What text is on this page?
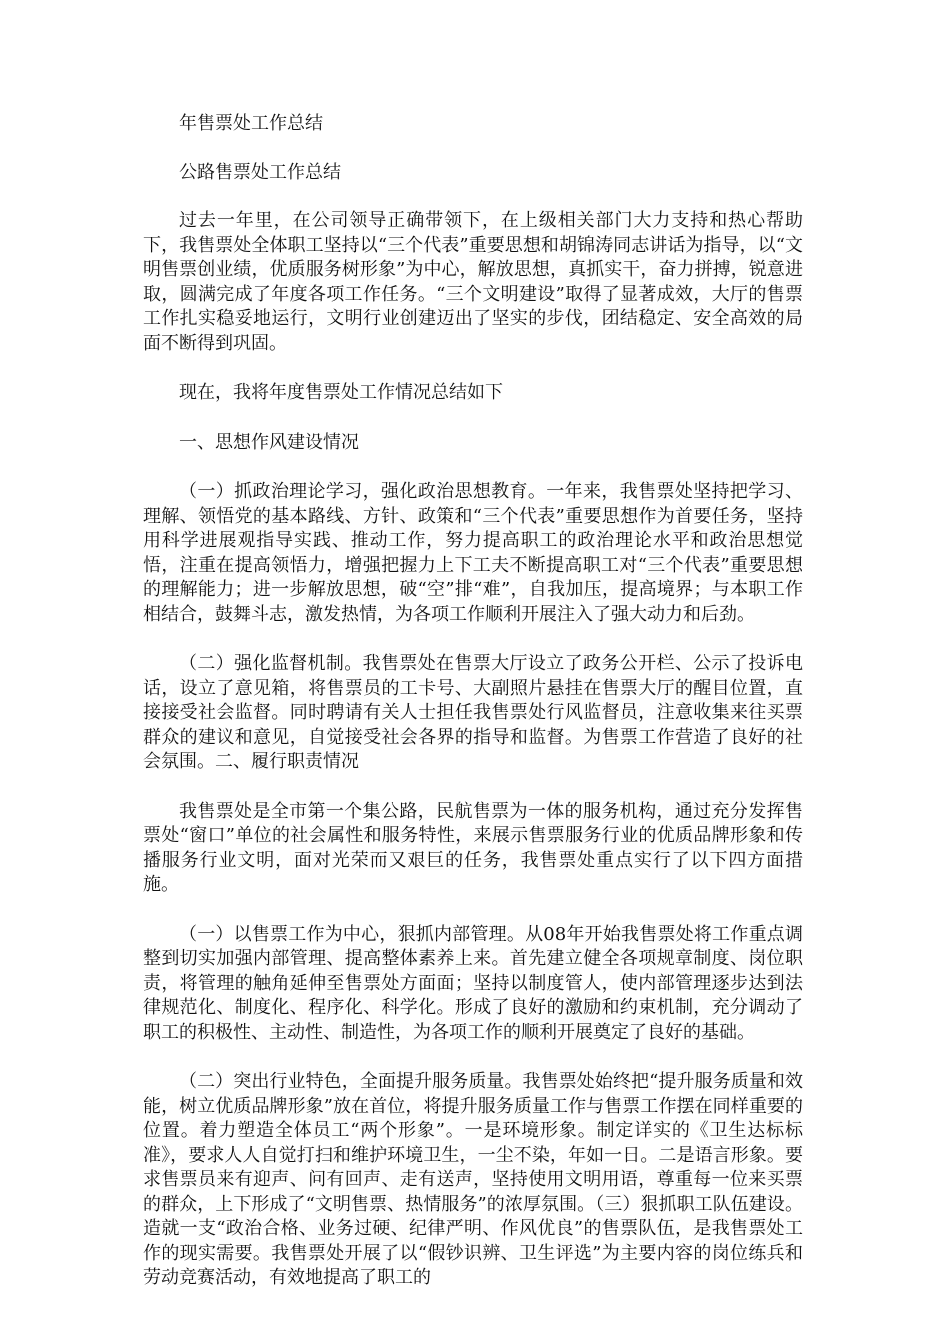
年售票处工作总结

公路售票处工作总结

过去一年里，在公司领导正确带领下，在上级相关部门大力支持和热心帮助下，我售票处全体职工坚持以“三个代表”重要思想和胡锦涛同志讲话为指导，以“文明售票创业绩，优质服务树形象”为中心，解放思想，真抓实干，奋力拼搏，锐意进取，圆满完成了年度各项工作任务。“三个文明建设”取得了显著成效，大厅的售票工作扎实稳妥地运行，文明行业创建迈出了坚实的步伐，团结稳定、安全高效的局面不断得到巩固。

现在，我将年度售票处工作情况总结如下

一、思想作风建设情况

（一）抓政治理论学习，强化政治思想教育。一年来，我售票处坚持把学习、理解、领悟党的基本路线、方针、政策和“三个代表”重要思想作为首要任务，坚持用科学进展观指导实践、推动工作，努力提高职工的政治理论水平和政治思想觉悟，注重在提高领悟力，增强把握力上下工夫不断提高职工对“三个代表”重要思想的理解能力；进一步解放思想，破“空”排“难”，自我加压，提高境界；与本职工作相结合，鼓舞斗志，激发热情，为各项工作顺利开展注入了强大动力和后劲。

（二）强化监督机制。我售票处在售票大厅设立了政务公开栏、公示了投诉电话，设立了意见箱，将售票员的工卡号、大副照片悬挂在售票大厅的醒目位置，直接接受社会监督。同时聘请有关人士担任我售票处行风监督员，注意收集来往买票群众的建议和意见，自觉接受社会各界的指导和监督。为售票工作营造了良好的社会氛围。二、履行职责情况

我售票处是全市第一个集公路，民航售票为一体的服务机构，通过充分发挥售票处“窗口”单位的社会属性和服务特性，来展示售票服务行业的优质品牌形象和传播服务行业文明，面对光荣而又艰巨的任务，我售票处重点实行了以下四方面措施。

（一）以售票工作为中心，狠抓内部管理。从08年开始我售票处将工作重点调整到切实加强内部管理、提高整体素养上来。首先建立健全各项规章制度、岗位职责，将管理的触角延伸至售票处方面面；坚持以制度管人，使内部管理逐步达到法律规范化、制度化、程序化、科学化。形成了良好的激励和约束机制，充分调动了职工的积极性、主动性、制造性，为各项工作的顺利开展奠定了良好的基础。

（二）突出行业特色，全面提升服务质量。我售票处始终把“提升服务质量和效能，树立优质品牌形象”放在首位，将提升服务质量工作与售票工作摆在同样重要的位置。着力塑造全体员工“两个形象”。一是环境形象。制定详实的《卫生达标标准》，要求人人自觉打扫和维护环境卫生，一尘不染，年如一日。二是语言形象。要求售票员来有迎声、问有回声、走有送声，坚持使用文明用语，尊重每一位来买票的群众，上下形成了“文明售票、热情服务”的浓厚氛围。（三）狠抓职工队伍建设。造就一支“政治合格、业务过硬、纪律严明、作风优良”的售票队伍，是我售票处工作的现实需要。我售票处开展了以“假钞识辨、卫生评选”为主要内容的岗位练兵和劳动竞赛活动，有效地提高了职工的
